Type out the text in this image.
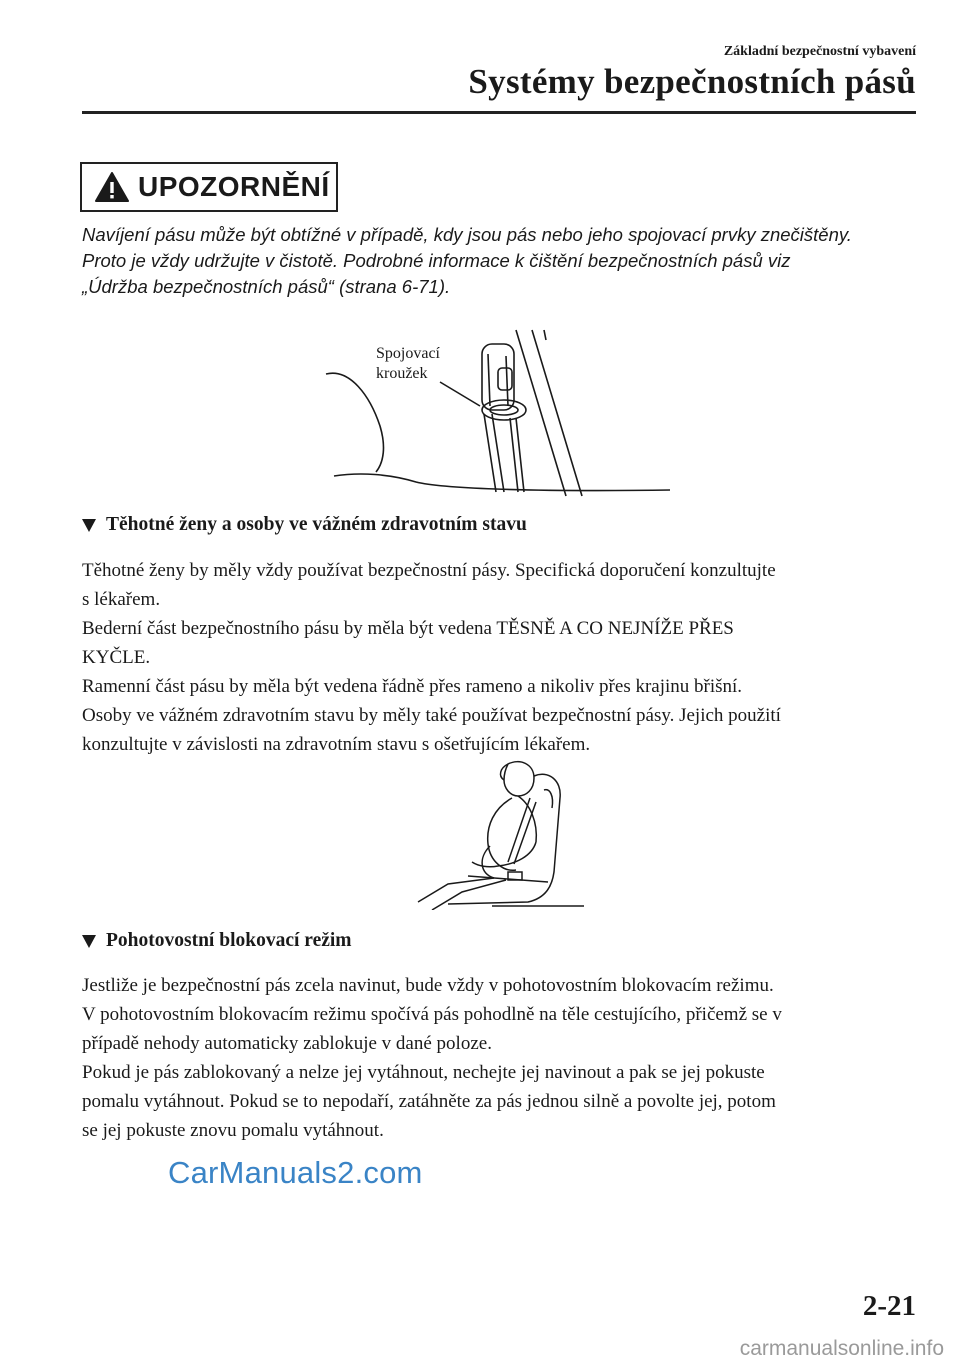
Základní bezpečnostní vybavení
Systémy bezpečnostních pásů
UPOZORNĚNÍ

Navíjení pásu může být obtížné v případě, kdy jsou pás nebo jeho spojovací prvky znečištěny.

Proto je vždy udržujte v čistotě. Podrobné informace k čištění bezpečnostních pásů viz

„Údržba bezpečnostních pásů“ (strana 6-71).

Spojovací
kroužek
Těhotné ženy a osoby ve vážném zdravotním stavu

Těhotné ženy by měly vždy používat bezpečnostní pásy. Specifická doporučení konzultujte

s lékařem.

Bederní část bezpečnostního pásu by měla být vedena TĚSNĚ A CO NEJNÍŽE PŘES

KYČLE.

Ramenní část pásu by měla být vedena řádně přes rameno a nikoliv přes krajinu břišní.

Osoby ve vážném zdravotním stavu by měly také používat bezpečnostní pásy. Jejich použití

konzultujte v závislosti na zdravotním stavu s ošetřujícím lékařem.

Pohotovostní blokovací režim

Jestliže je bezpečnostní pás zcela navinut, bude vždy v pohotovostním blokovacím režimu.

V pohotovostním blokovacím režimu spočívá pás pohodlně na těle cestujícího, přičemž se v

případě nehody automaticky zablokuje v dané poloze.

Pokud je pás zablokovaný a nelze jej vytáhnout, nechejte jej navinout a pak se jej pokuste

pomalu vytáhnout. Pokud se to nepodaří, zatáhněte za pás jednou silně a povolte jej, potom

se jej pokuste znovu pomalu vytáhnout.

CarManuals2.com
2-21
carmanualsonline.info
